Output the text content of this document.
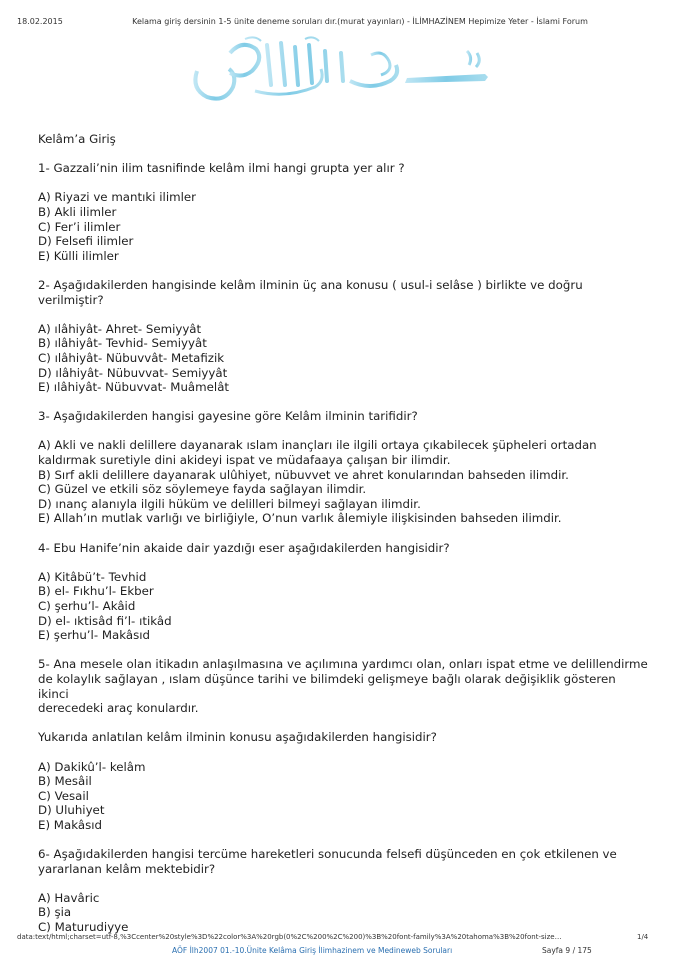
18.02.2015	Kelama giriş dersinin 1-5 ünite deneme soruları dır.(murat yayınları) - İLİMHAZİNEM Hepimize Yeter - İslami Forum

Kelâm’a Giriş

1- Gazzali’nin ilim tasnifinde kelâm ilmi hangi grupta yer alır ?

A) Riyazi ve mantıki ilimler

B) Akli ilimler

C) Fer’i ilimler

D) Felsefi ilimler

E) Külli ilimler

2- Aşağıdakilerden hangisinde kelâm ilminin üç ana konusu ( usul-i selâse ) birlikte ve doğru

verilmiştir?

A) ılâhiyât- Ahret- Semiyyât

B) ılâhiyât- Tevhid- Semiyyât

C) ılâhiyât- Nübuvvât- Metafizik

D) ılâhiyât- Nübuvvat- Semiyyât

E) ılâhiyât- Nübuvvat- Muâmelât

3- Aşağıdakilerden hangisi gayesine göre Kelâm ilminin tarifidir?

A) Akli ve nakli delillere dayanarak ıslam inançları ile ilgili ortaya çıkabilecek şüpheleri ortadan

kaldırmak suretiyle dini akideyi ispat ve müdafaaya çalışan bir ilimdir.

B) Sırf akli delillere dayanarak ulûhiyet, nübuvvet ve ahret konularından bahseden ilimdir.

C) Güzel ve etkili söz söylemeye fayda sağlayan ilimdir.

D) ınanç alanıyla ilgili hüküm ve delilleri bilmeyi sağlayan ilimdir.

E) Allah’ın mutlak varlığı ve birliğiyle, O’nun varlık âlemiyle ilişkisinden bahseden ilimdir.

4- Ebu Hanife’nin akaide dair yazdığı eser aşağıdakilerden hangisidir?

A) Kitâbü’t- Tevhid

B) el- Fıkhu’l- Ekber

C) şerhu’l- Akâid

D) el- ıktisâd fi’l- ıtikâd

E) şerhu’l- Makâsıd

5- Ana mesele olan itikadın anlaşılmasına ve açılımına yardımcı olan, onları ispat etme ve delillendirme

de kolaylık sağlayan , ıslam düşünce tarihi ve bilimdeki gelişmeye bağlı olarak değişiklik gösteren ikinci

derecedeki araç konulardır.

Yukarıda anlatılan kelâm ilminin konusu aşağıdakilerden hangisidir?

A) Dakikû’l- kelâm

B) Mesâil

C) Vesail

D) Uluhiyet

E) Makâsıd

6- Aşağıdakilerden hangisi tercüme hareketleri sonucunda felsefi düşünceden en çok etkilenen ve

yararlanan kelâm mektebidir?

A) Havâric

B) şia

C) Maturudiyye

data:text/html;charset=utf-8,%3Ccenter%20style%3D%22color%3A%20rgb(0%2C%200%2C%200)%3B%20font-family%3A%20tahoma%3B%20font-size…	1/4
AÖF İlh2007 01.-10.Ünite Kelâma Giriş İlimhazinem ve Medineweb Soruları	Sayfa 9 / 175
